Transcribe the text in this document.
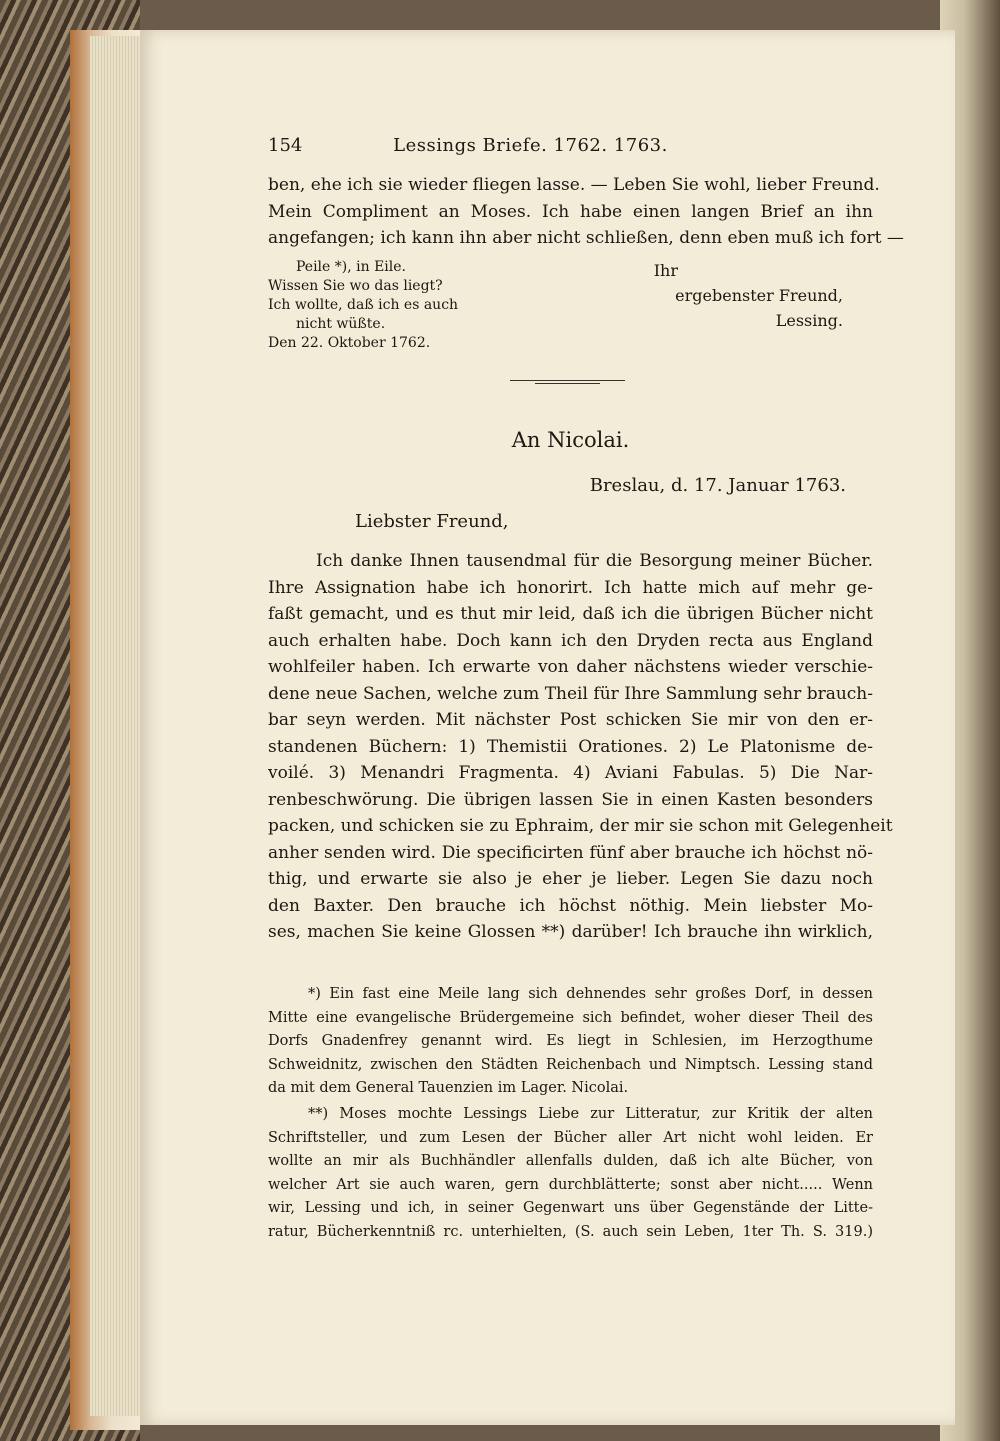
154	Lessings Briefe. 1762. 1763.
ben, ehe ich sie wieder fliegen lasse. — Leben Sie wohl, lieber Freund.
Mein Compliment an Moses. Ich habe einen langen Brief an ihn
angefangen; ich kann ihn aber nicht schließen, denn eben muß ich fort —
Peile *), in Eile.
Wissen Sie wo das liegt?
Ich wollte, daß ich es auch
nicht wüßte.
Den 22. Oktober 1762.
Ihr
ergebenster Freund,
Lessing.
An Nicolai.
Breslau, d. 17. Januar 1763.
Liebster Freund,
Ich danke Ihnen tausendmal für die Besorgung meiner Bücher.
Ihre Assignation habe ich honorirt. Ich hatte mich auf mehr ge-
faßt gemacht, und es thut mir leid, daß ich die übrigen Bücher nicht
auch erhalten habe. Doch kann ich den Dryden recta aus England
wohlfeiler haben. Ich erwarte von daher nächstens wieder verschie-
dene neue Sachen, welche zum Theil für Ihre Sammlung sehr brauch-
bar seyn werden. Mit nächster Post schicken Sie mir von den er-
standenen Büchern: 1) Themistii Orationes. 2) Le Platonisme de-
voilé. 3) Menandri Fragmenta. 4) Aviani Fabulas. 5) Die Nar-
renbeschwörung. Die übrigen lassen Sie in einen Kasten besonders
packen, und schicken sie zu Ephraim, der mir sie schon mit Gelegenheit
anher senden wird. Die specificirten fünf aber brauche ich höchst nö-
thig, und erwarte sie also je eher je lieber. Legen Sie dazu noch
den Baxter. Den brauche ich höchst nöthig. Mein liebster Mo-
ses, machen Sie keine Glossen **) darüber! Ich brauche ihn wirklich,
*) Ein fast eine Meile lang sich dehnendes sehr großes Dorf, in dessen
Mitte eine evangelische Brüdergemeine sich befindet, woher dieser Theil des
Dorfs Gnadenfrey genannt wird. Es liegt in Schlesien, im Herzogthume
Schweidnitz, zwischen den Städten Reichenbach und Nimptsch. Lessing stand
da mit dem General Tauenzien im Lager. Nicolai.
**) Moses mochte Lessings Liebe zur Litteratur, zur Kritik der alten
Schriftsteller, und zum Lesen der Bücher aller Art nicht wohl leiden. Er
wollte an mir als Buchhändler allenfalls dulden, daß ich alte Bücher, von
welcher Art sie auch waren, gern durchblätterte; sonst aber nicht..... Wenn
wir, Lessing und ich, in seiner Gegenwart uns über Gegenstände der Litte-
ratur, Bücherkenntniß rc. unterhielten, (S. auch sein Leben, 1ter Th. S. 319.)
